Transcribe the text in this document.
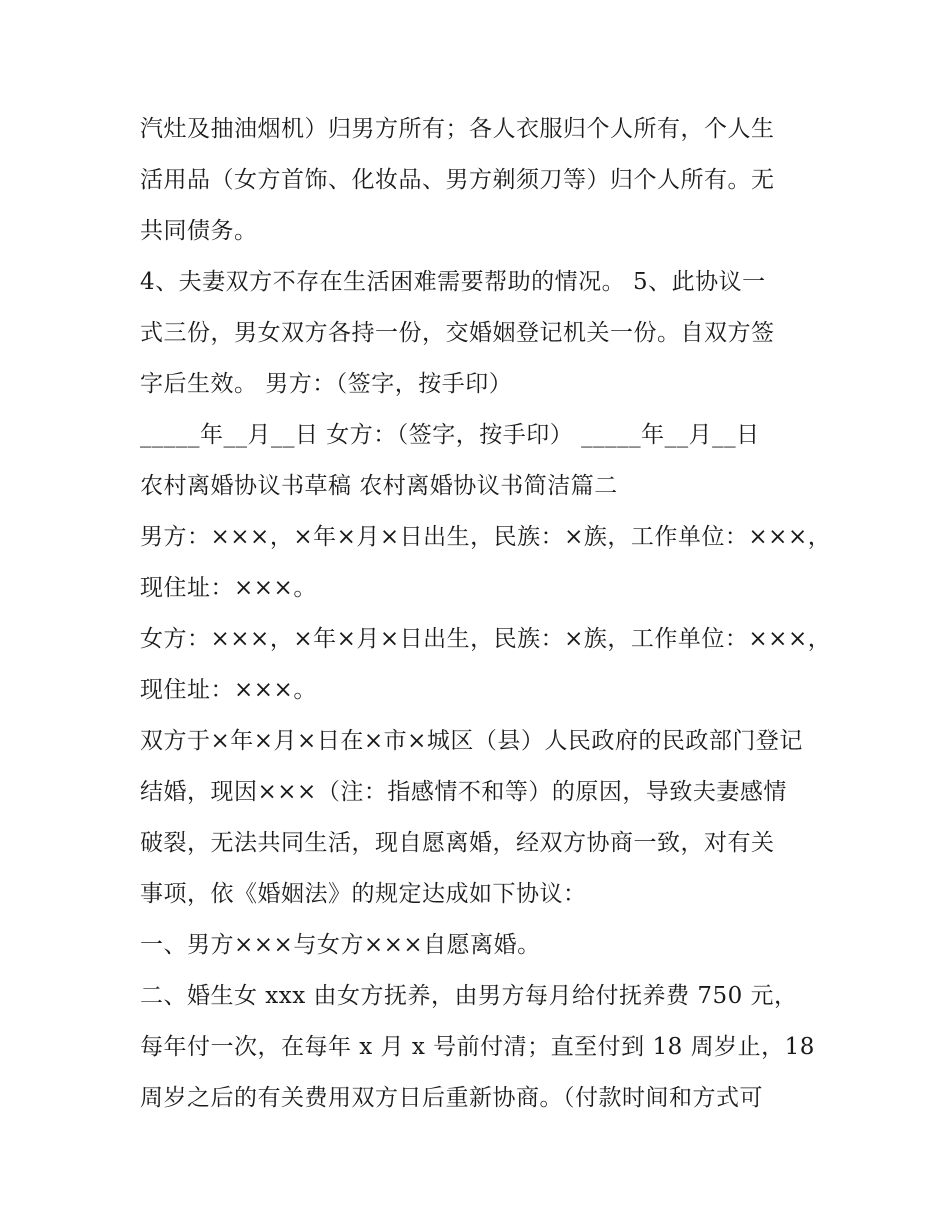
汽灶及抽油烟机）归男方所有；各人衣服归个人所有，个人生
活用品（女方首饰、化妆品、男方剃须刀等）归个人所有。无
共同债务。
4、夫妻双方不存在生活困难需要帮助的情况。 5、此协议一
式三份，男女双方各持一份，交婚姻登记机关一份。自双方签
字后生效。 男方：（签字，按手印）
_____年__月__日 女方：（签字，按手印） _____年__月__日
农村离婚协议书草稿 农村离婚协议书简洁篇二
男方：×××，×年×月×日出生，民族：×族，工作单位：×××，
现住址：×××。
女方：×××，×年×月×日出生，民族：×族，工作单位：×××，
现住址：×××。
双方于×年×月×日在×市×城区（县）人民政府的民政部门登记
结婚，现因×××（注：指感情不和等）的原因，导致夫妻感情
破裂，无法共同生活，现自愿离婚，经双方协商一致，对有关
事项，依《婚姻法》的规定达成如下协议：
一、男方×××与女方×××自愿离婚。
二、婚生女 xxx 由女方抚养，由男方每月给付抚养费 750 元，
每年付一次，在每年 x 月 x 号前付清；直至付到 18 周岁止，18
周岁之后的有关费用双方日后重新协商。（付款时间和方式可
